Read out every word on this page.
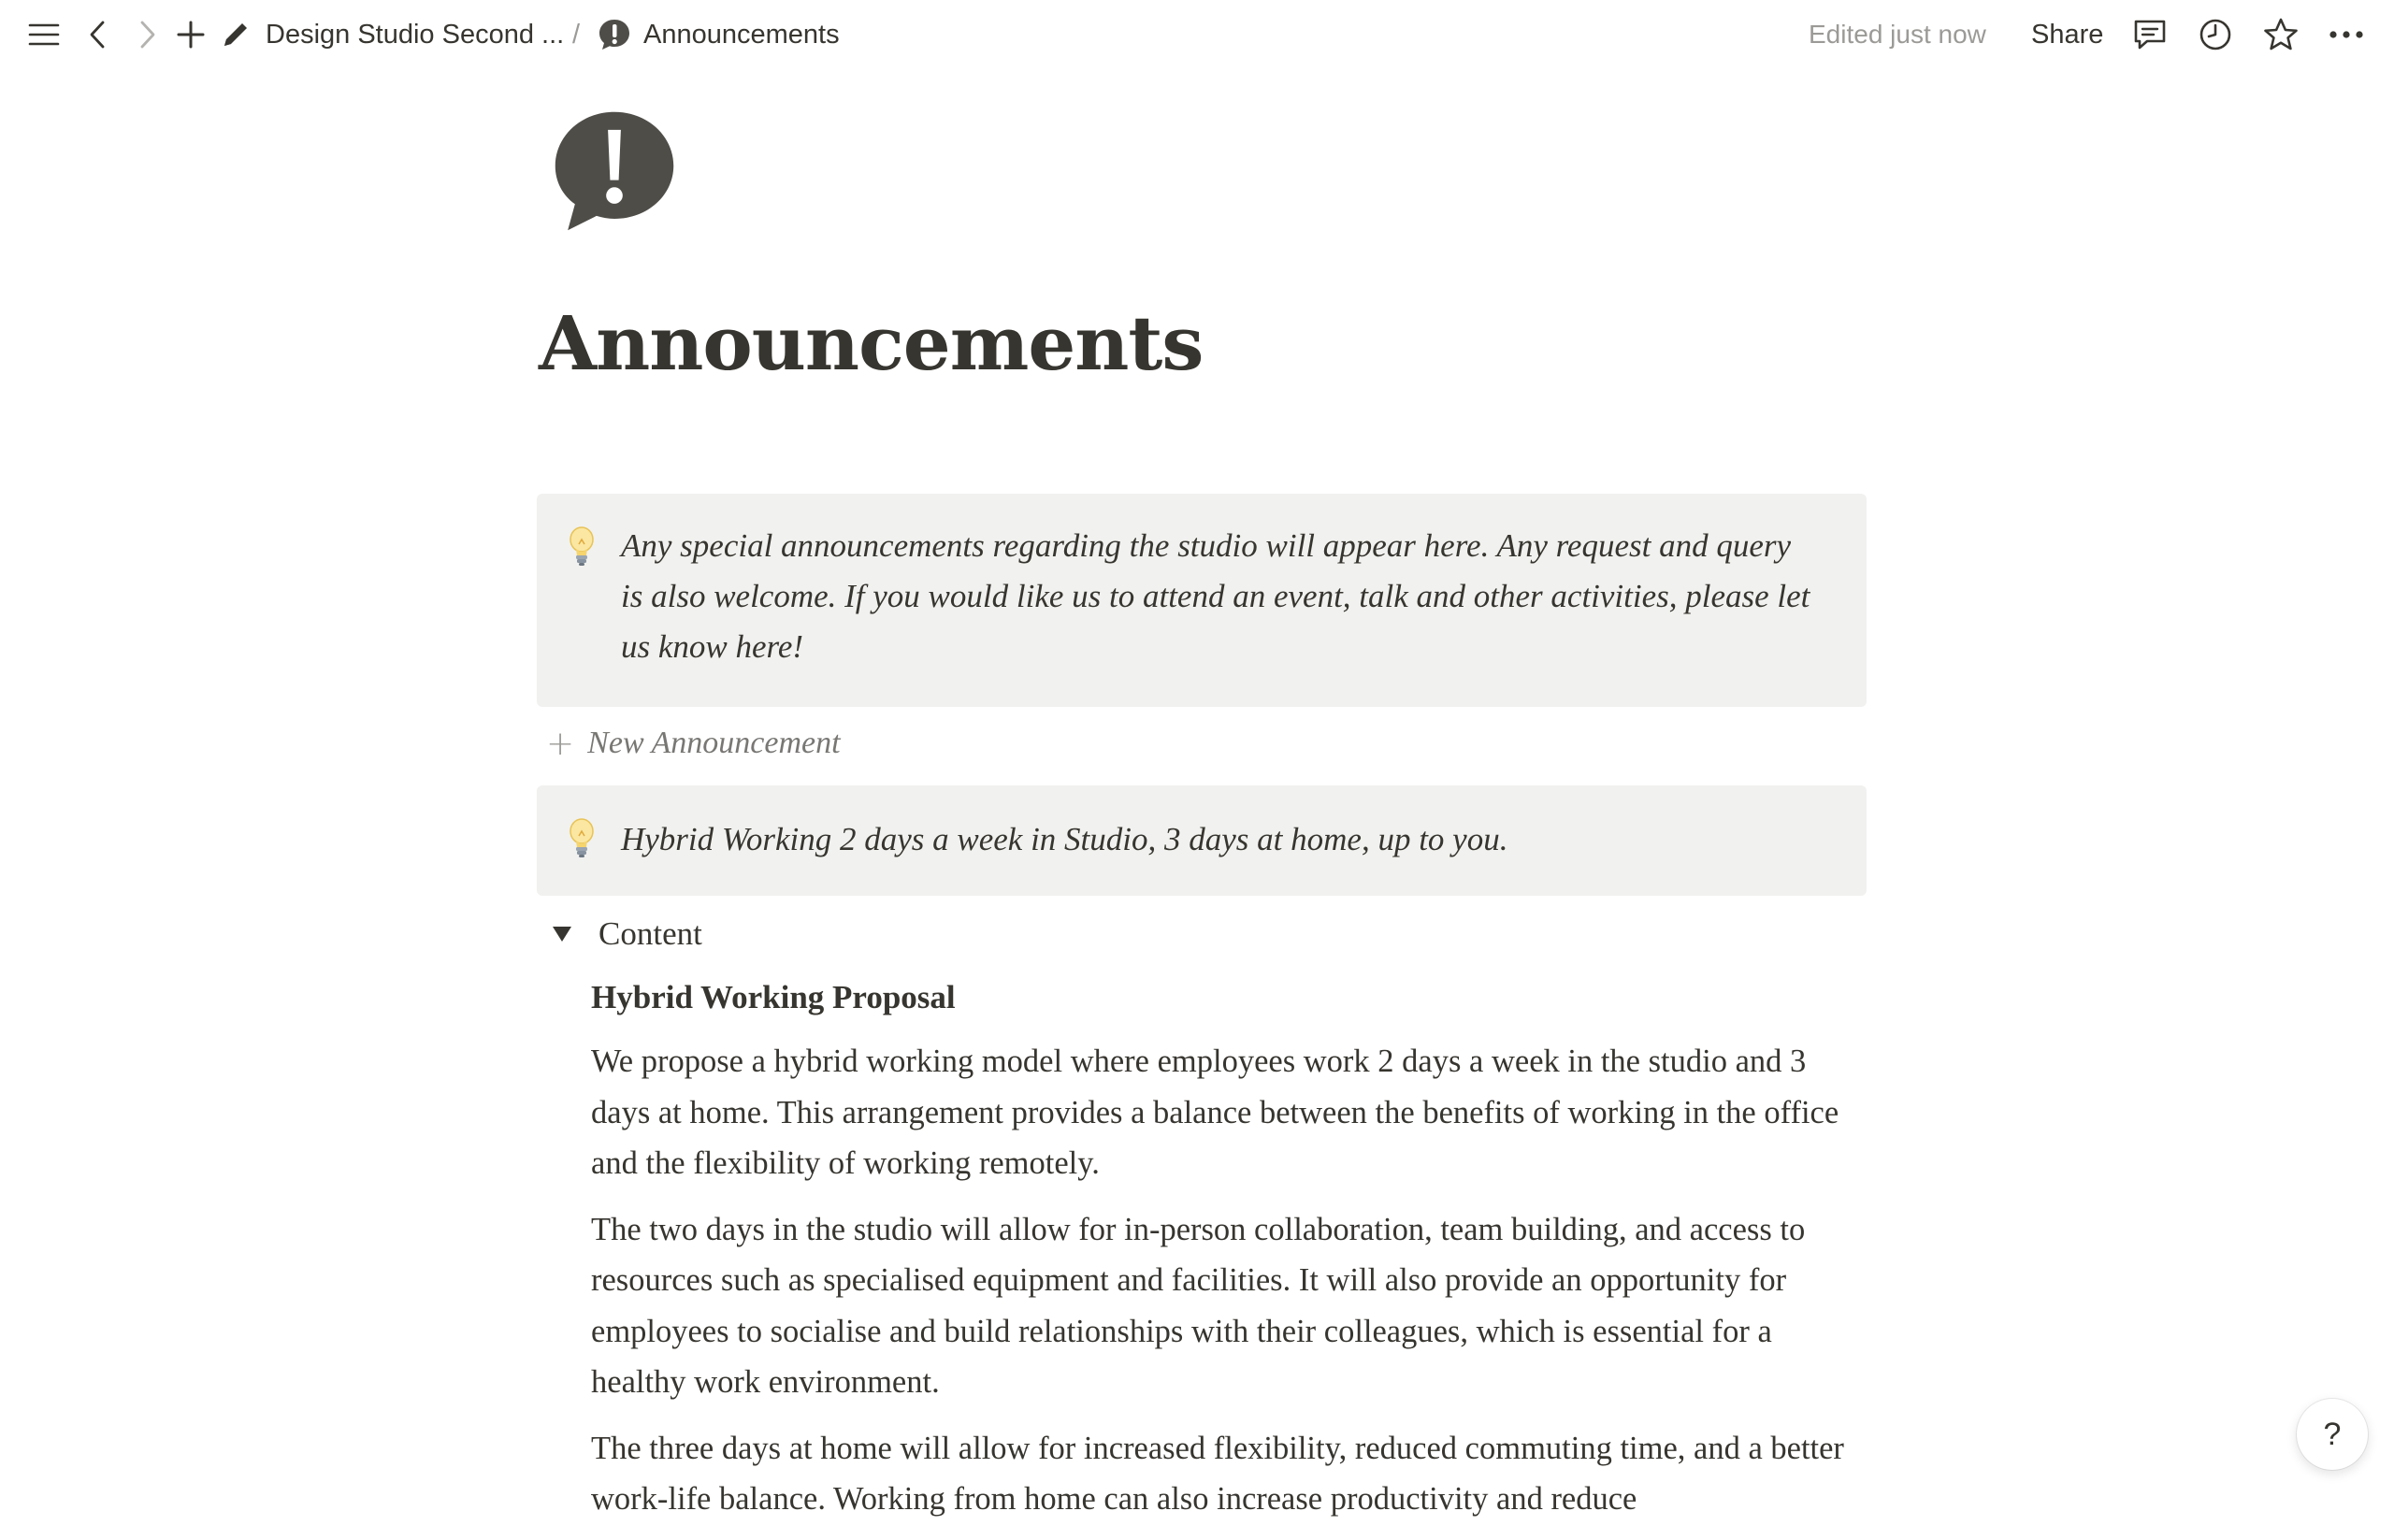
Design Studio Second ... / Announcements	Edited just now Share
Announcements
Any special announcements regarding the studio will appear here. Any request and query is also welcome. If you would like us to attend an event, talk and other activities, please let us know here!
+ New Announcement
Hybrid Working 2 days a week in Studio, 3 days at home, up to you.
Content
Hybrid Working Proposal

We propose a hybrid working model where employees work 2 days a week in the studio and 3 days at home. This arrangement provides a balance between the benefits of working in the office and the flexibility of working remotely.

The two days in the studio will allow for in-person collaboration, team building, and access to resources such as specialised equipment and facilities. It will also provide an opportunity for employees to socialise and build relationships with their colleagues, which is essential for a healthy work environment.

The three days at home will allow for increased flexibility, reduced commuting time, and a better work-life balance. Working from home can also increase productivity and reduce

?
